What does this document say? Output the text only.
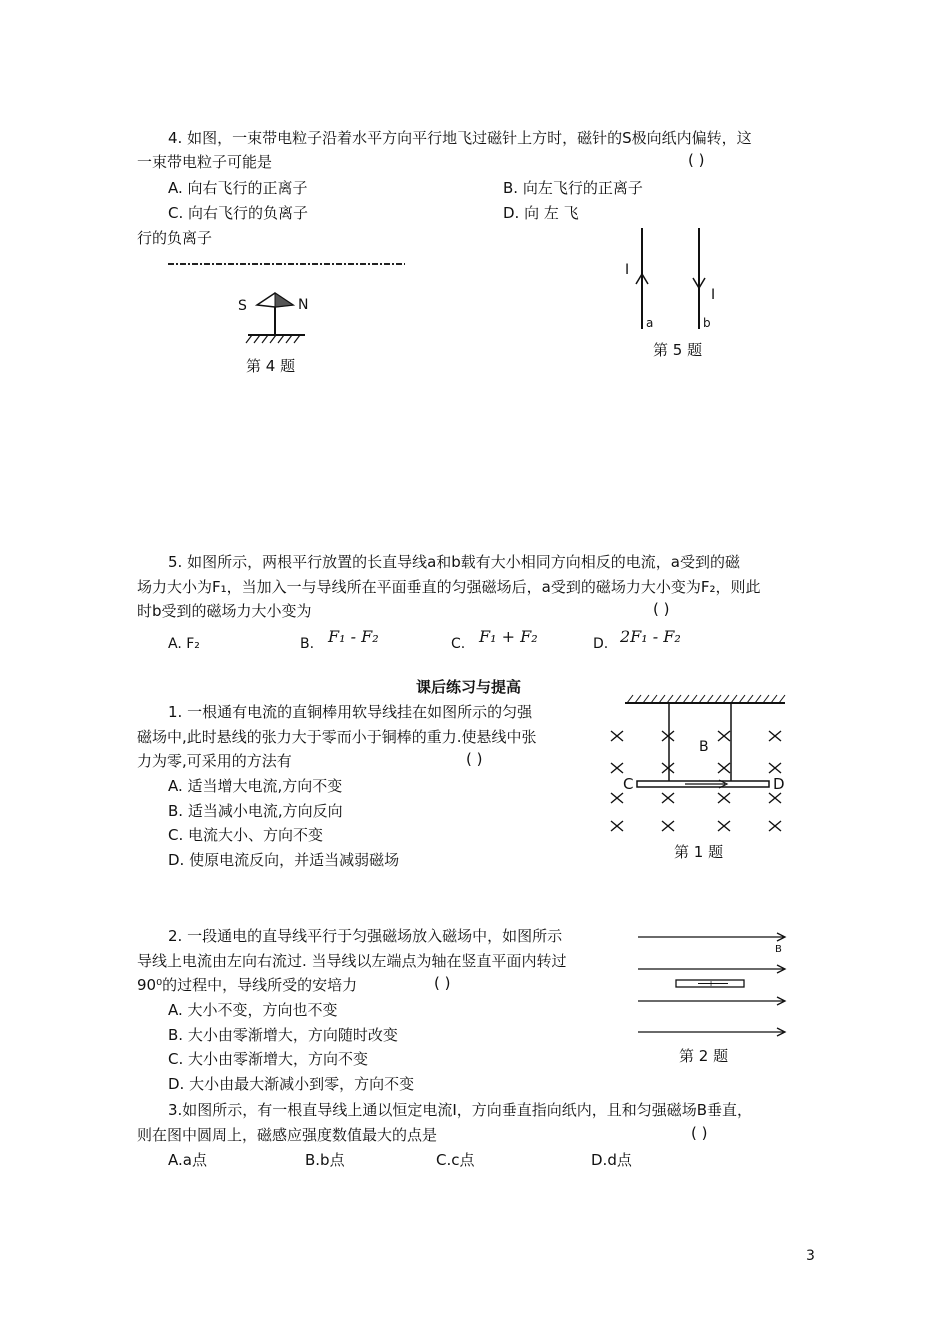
4. 如图，一束带电粒子沿着水平方向平行地飞过磁针上方时，磁针的S极向纸内偏转，这
一束带电粒子可能是	( )
A. 向右飞行的正离子	B. 向左飞行的正离子
C. 向右飞行的负离子	D. 向 左 飞
行的负离子
S	N
第 4 题
I
I
a	b
第 5 题
5. 如图所示，两根平行放置的长直导线a和b载有大小相同方向相反的电流，a受到的磁
场力大小为F₁，当加入一与导线所在平面垂直的匀强磁场后，a受到的磁场力大小变为F₂，则此
时b受到的磁场力大小变为	( )
A. F₂	B. F₁ - F₂	C. F₁ + F₂	D. 2F₁ - F₂
课后练习与提高
1. 一根通有电流的直铜棒用软导线挂在如图所示的匀强
磁场中,此时悬线的张力大于零而小于铜棒的重力.使悬线中张
力为零,可采用的方法有	( )
A. 适当增大电流,方向不变
B. 适当减小电流,方向反向
C. 电流大小、方向不变
D. 使原电流反向，并适当减弱磁场
B
C	D
第 1 题
2. 一段通电的直导线平行于匀强磁场放入磁场中，如图所示
导线上电流由左向右流过. 当导线以左端点为轴在竖直平面内转过
90⁰的过程中，导线所受的安培力	( )
A. 大小不变，方向也不变
B. 大小由零渐增大，方向随时改变
C. 大小由零渐增大，方向不变
D. 大小由最大渐减小到零，方向不变
B
I
第 2 题
3.如图所示，有一根直导线上通以恒定电流I，方向垂直指向纸内，且和匀强磁场B垂直，
则在图中圆周上，磁感应强度数值最大的点是	( )
A.a点	B.b点	C.c点	D.d点
3
